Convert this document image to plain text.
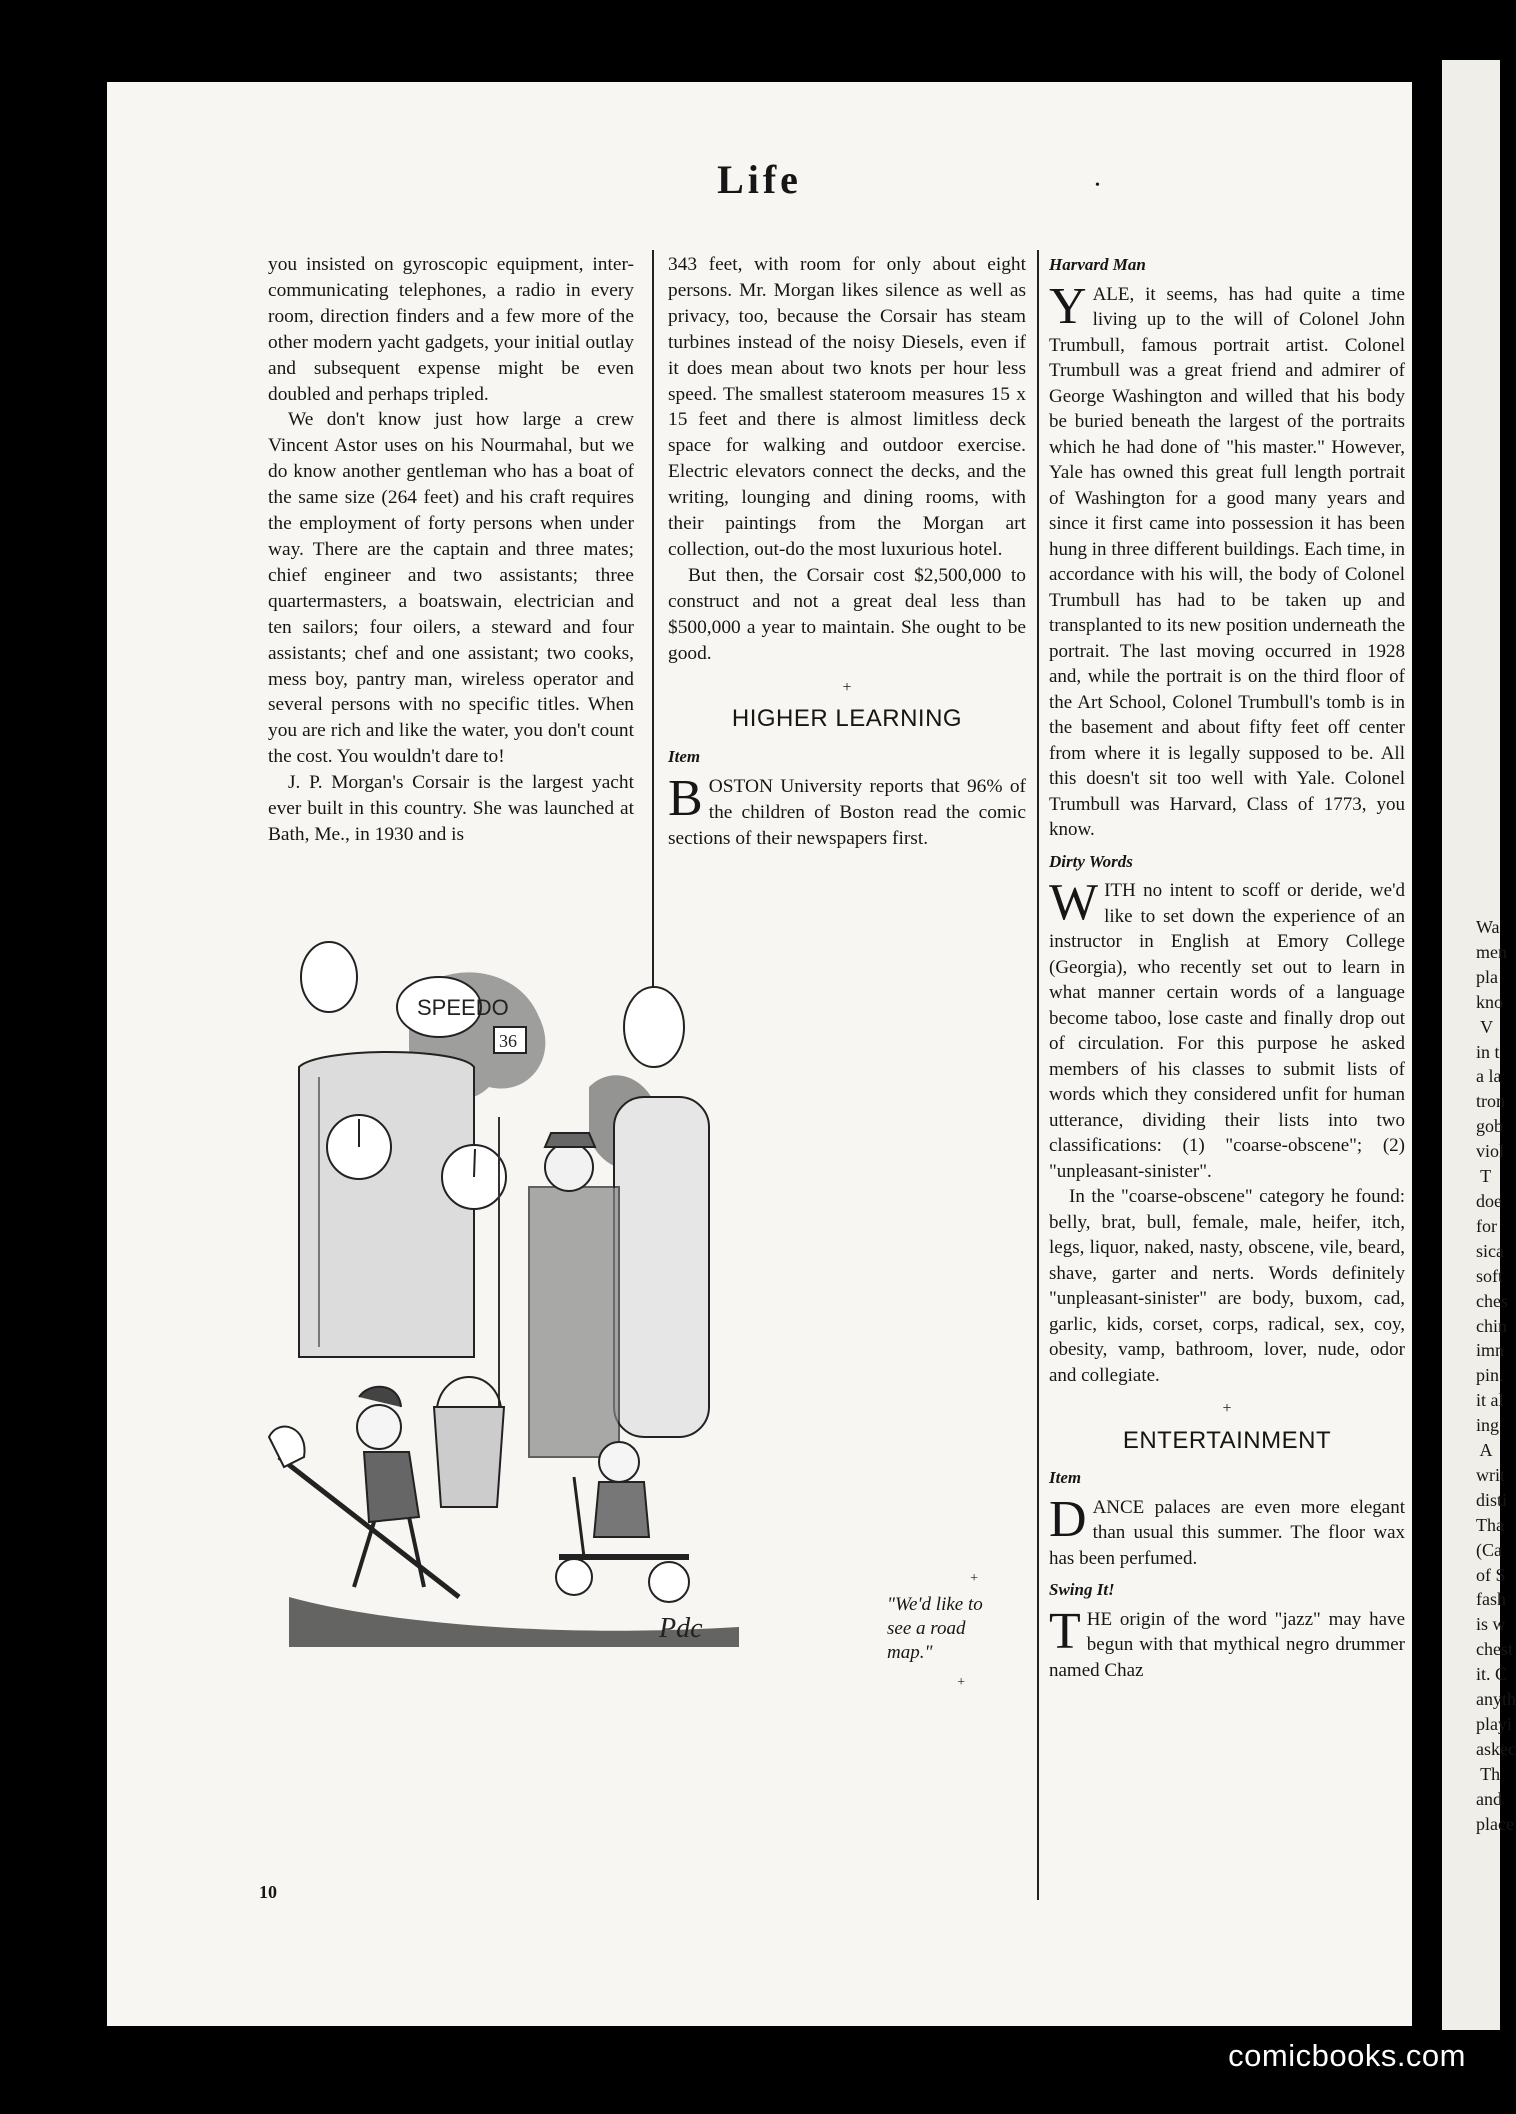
Life	•

you insisted on gyroscopic equipment, inter-communicating telephones, a radio in every room, direction finders and a few more of the other modern yacht gadgets, your initial outlay and subsequent expense might be even doubled and perhaps tripled.

We don't know just how large a crew Vincent Astor uses on his Nourmahal, but we do know another gentleman who has a boat of the same size (264 feet) and his craft requires the employment of forty persons when under way. There are the captain and three mates; chief engineer and two assistants; three quartermasters, a boatswain, electrician and ten sailors; four oilers, a steward and four assistants; chef and one assistant; two cooks, mess boy, pantry man, wireless operator and several persons with no specific titles. When you are rich and like the water, you don't count the cost. You wouldn't dare to!

J. P. Morgan's Corsair is the largest yacht ever built in this country. She was launched at Bath, Me., in 1930 and is

343 feet, with room for only about eight persons. Mr. Morgan likes silence as well as privacy, too, because the Corsair has steam turbines instead of the noisy Diesels, even if it does mean about two knots per hour less speed. The smallest stateroom measures 15 x 15 feet and there is almost limitless deck space for walking and outdoor exercise. Electric elevators connect the decks, and the writing, lounging and dining rooms, with their paintings from the Morgan art collection, out-do the most luxurious hotel.

But then, the Corsair cost $2,500,000 to construct and not a great deal less than $500,000 a year to maintain. She ought to be good.

+
HIGHER LEARNING
Item

B OSTON University reports that 96% of the children of Boston read the comic sections of their newspapers first.

Harvard Man

Y ALE, it seems, has had quite a time living up to the will of Colonel John Trumbull, famous portrait artist. Colonel Trumbull was a great friend and admirer of George Washington and willed that his body be buried beneath the largest of the portraits which he had done of "his master." However, Yale has owned this great full length portrait of Washington for a good many years and since it first came into possession it has been hung in three different buildings. Each time, in accordance with his will, the body of Colonel Trumbull has had to be taken up and transplanted to its new position underneath the portrait. The last moving occurred in 1928 and, while the portrait is on the third floor of the Art School, Colonel Trumbull's tomb is in the basement and about fifty feet off center from where it is legally supposed to be. All this doesn't sit too well with Yale. Colonel Trumbull was Harvard, Class of 1773, you know.

Dirty Words

W ITH no intent to scoff or deride, we'd like to set down the experience of an instructor in English at Emory College (Georgia), who recently set out to learn in what manner certain words of a language become taboo, lose caste and finally drop out of circulation. For this purpose he asked members of his classes to submit lists of words which they considered unfit for human utterance, dividing their lists into two classifications: (1) "coarse-obscene"; (2) "unpleasant-sinister".

In the "coarse-obscene" category he found: belly, brat, bull, female, male, heifer, itch, legs, liquor, naked, nasty, obscene, vile, beard, shave, garter and nerts. Words definitely "unpleasant-sinister" are body, buxom, cad, garlic, kids, corset, corps, radical, sex, coy, obesity, vamp, bathroom, lover, nude, odor and collegiate.

+
ENTERTAINMENT
Item

D ANCE palaces are even more elegant than usual this summer. The floor wax has been perfumed.

Swing It!

T HE origin of the word "jazz" may have begun with that mythical negro drummer named Chaz

SPEEDO
36
Pdc
+
"We'd like to see a road map."
+
10
Wa
men
pla
kno
V
in t
a la
tron
gob
viol
T
doe
for
sica
soft
ches
chin
imn
pin.
it al
ing
A
writ
disti
Tha
(Ca
of S
fash
is w
chest
it. C
anyth
playi
askec
Th
and
place
comicbooks.com
